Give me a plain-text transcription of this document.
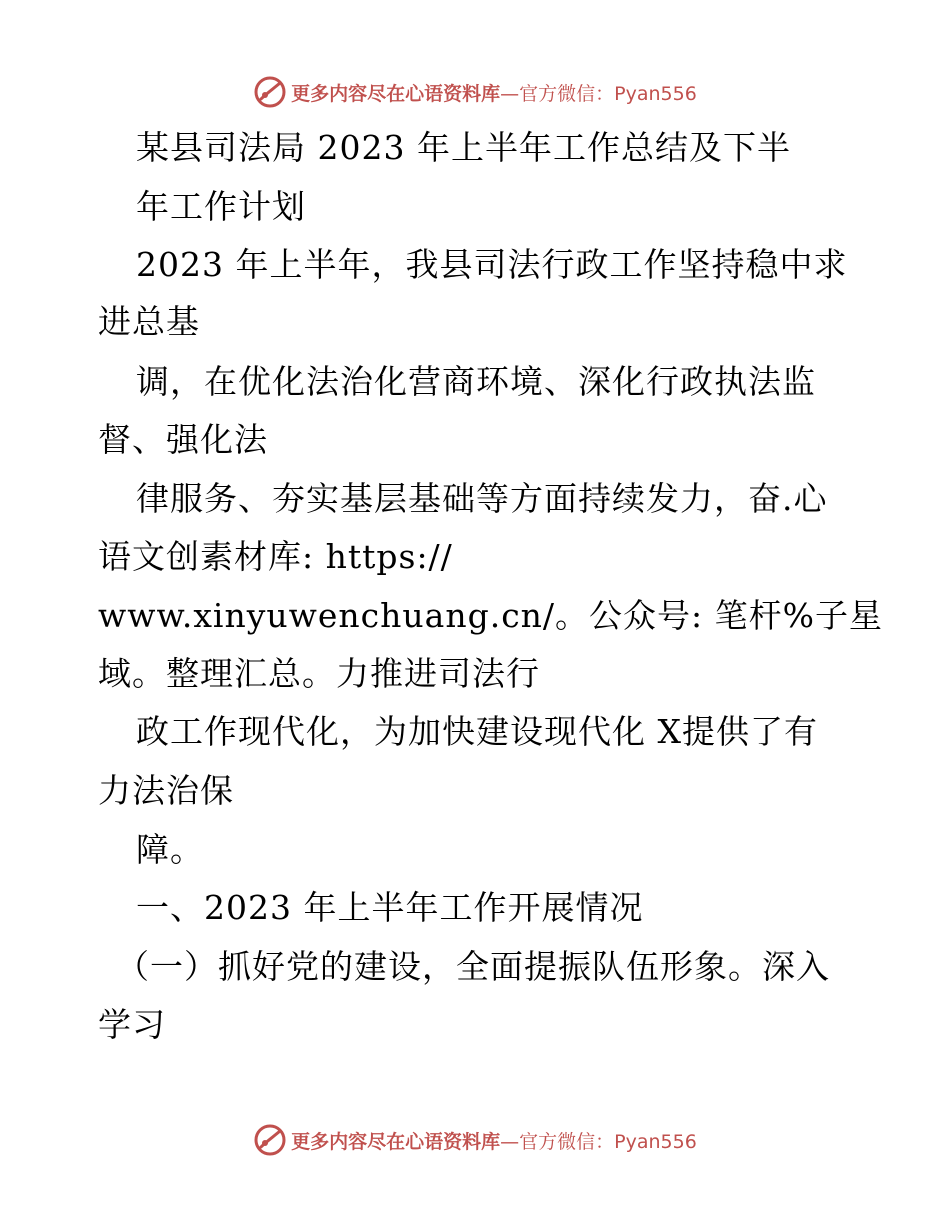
更多内容尽在心语资料库—官方微信：Pyan556
某县司法局 2023 年上半年工作总结及下半
年工作计划
2023 年上半年，我县司法行政工作坚持稳中求
进总基
调，在优化法治化营商环境、深化行政执法监
督、强化法
律服务、夯实基层基础等方面持续发力，奋.心
语文创素材库: https://
www.xinyuwenchuang.cn/。公众号: 笔杆%子星
域。整理汇总。力推进司法行
政工作现代化，为加快建设现代化 X提供了有
力法治保
障。
一、2023 年上半年工作开展情况
（一）抓好党的建设，全面提振队伍形象。深入
学习
更多内容尽在心语资料库—官方微信：Pyan556
